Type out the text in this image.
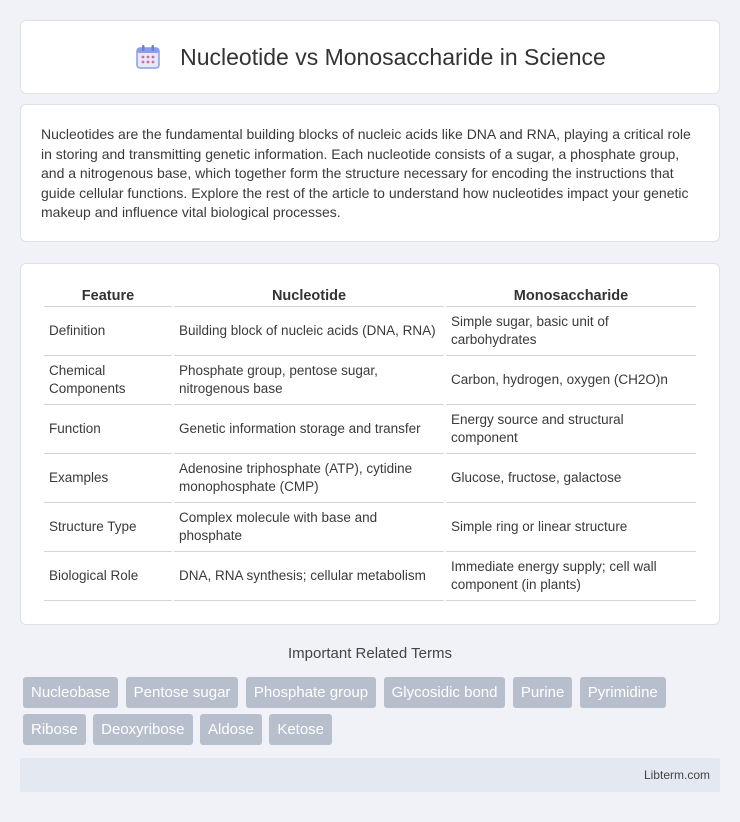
Nucleotide vs Monosaccharide in Science

Nucleotides are the fundamental building blocks of nucleic acids like DNA and RNA, playing a critical role in storing and transmitting genetic information. Each nucleotide consists of a sugar, a phosphate group, and a nitrogenous base, which together form the structure necessary for encoding the instructions that guide cellular functions. Explore the rest of the article to understand how nucleotides impact your genetic makeup and influence vital biological processes.

Feature	Nucleotide	Monosaccharide
Definition	Building block of nucleic acids (DNA, RNA)	Simple sugar, basic unit of carbohydrates
Chemical Components	Phosphate group, pentose sugar, nitrogenous base	Carbon, hydrogen, oxygen (CH2O)n
Function	Genetic information storage and transfer	Energy source and structural component
Examples	Adenosine triphosphate (ATP), cytidine monophosphate (CMP)	Glucose, fructose, galactose
Structure Type	Complex molecule with base and phosphate	Simple ring or linear structure
Biological Role	DNA, RNA synthesis; cellular metabolism	Immediate energy supply; cell wall component (in plants)
Important Related Terms
Nucleobase Pentose sugar Phosphate group Glycosidic bond Purine Pyrimidine Ribose Deoxyribose Aldose Ketose
Libterm.com
